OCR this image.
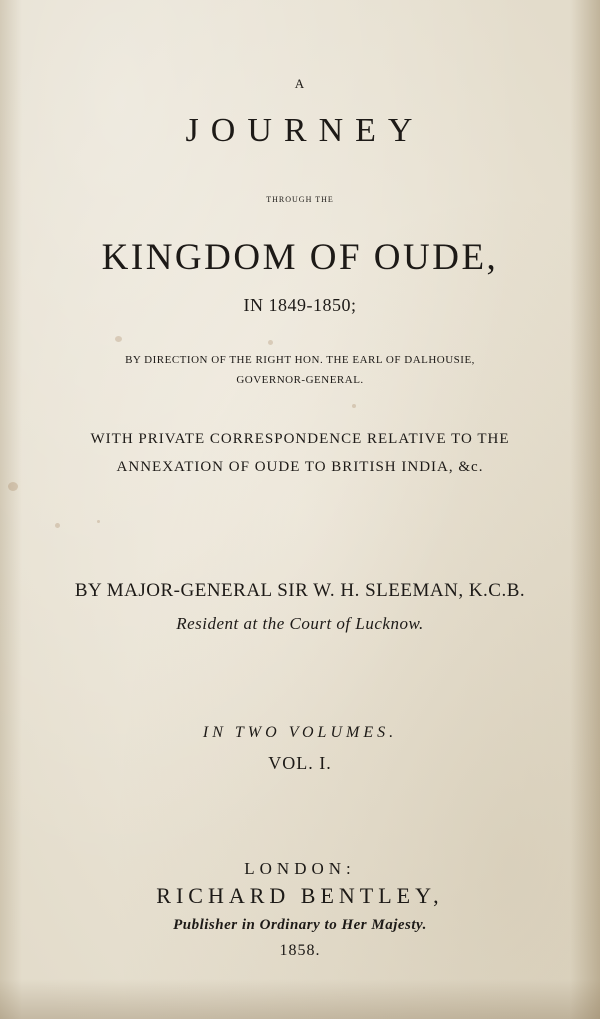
A
JOURNEY
THROUGH THE
KINGDOM OF OUDE,
IN 1849-1850;
BY DIRECTION OF THE RIGHT HON. THE EARL OF DALHOUSIE,
GOVERNOR-GENERAL.
WITH PRIVATE CORRESPONDENCE RELATIVE TO THE
ANNEXATION OF OUDE TO BRITISH INDIA, &c.
BY MAJOR-GENERAL SIR W. H. SLEEMAN, K.C.B.
Resident at the Court of Lucknow.
IN TWO VOLUMES.
VOL. I.
LONDON:
RICHARD BENTLEY,
Publisher in Ordinary to Her Majesty.
1858.
